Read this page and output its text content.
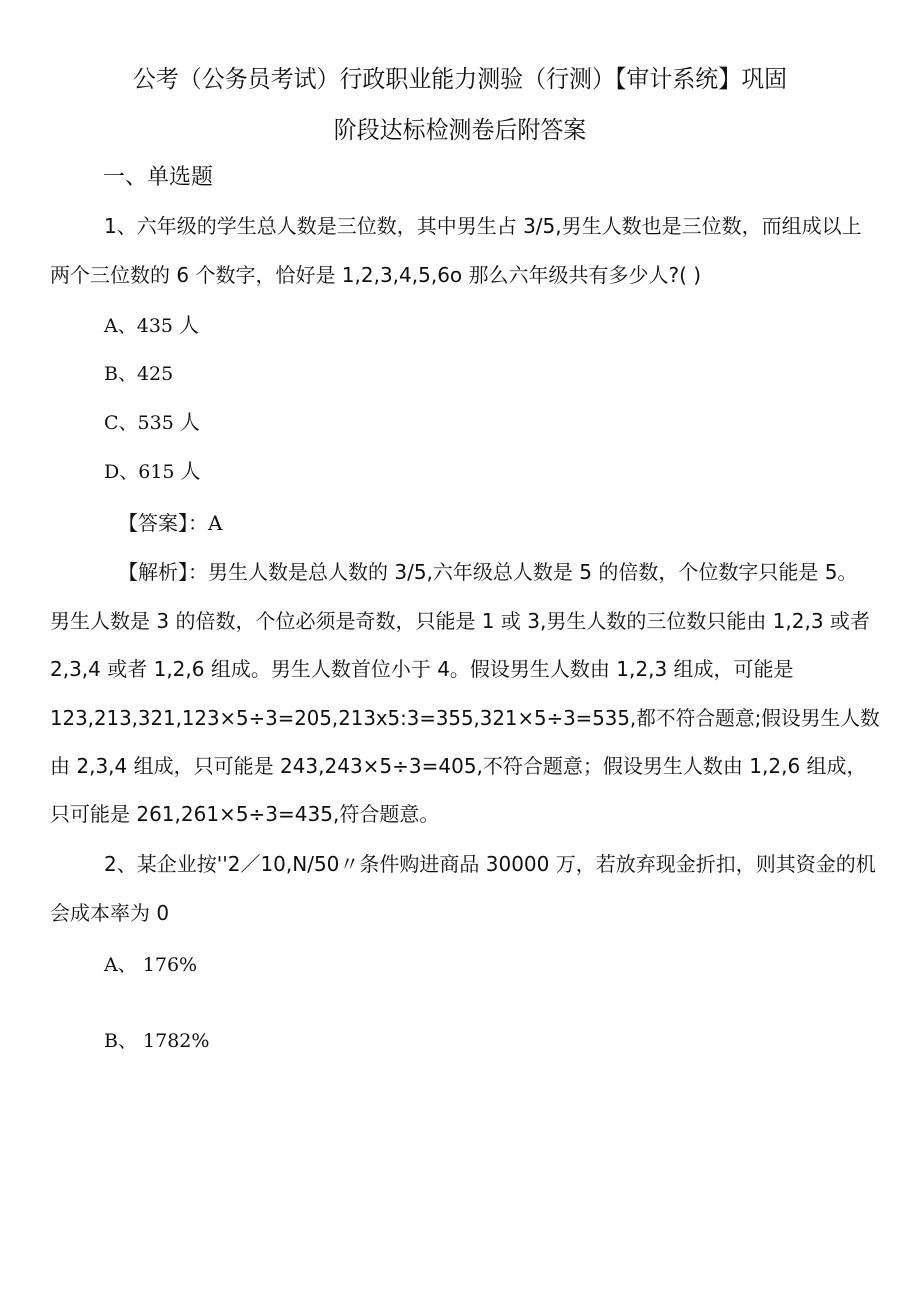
公考（公务员考试）行政职业能力测验（行测）【审计系统】巩固
阶段达标检测卷后附答案
一、单选题
1、六年级的学生总人数是三位数，其中男生占 3/5,男生人数也是三位数，而组成以上
两个三位数的 6 个数字，恰好是 1,2,3,4,5,6o 那么六年级共有多少人?( )
A、435 人
B、425
C、535 人
D、615 人
【答案】：A
【解析】：男生人数是总人数的 3/5,六年级总人数是 5 的倍数，个位数字只能是 5。
男生人数是 3 的倍数，个位必须是奇数，只能是 1 或 3,男生人数的三位数只能由 1,2,3 或者
2,3,4 或者 1,2,6 组成。男生人数首位小于 4。假设男生人数由 1,2,3 组成，可能是
123,213,321,123×5÷3=205,213x5:3=355,321×5÷3=535,都不符合题意;假设男生人数
由 2,3,4 组成，只可能是 243,243×5÷3=405,不符合题意；假设男生人数由 1,2,6 组成，
只可能是 261,261×5÷3=435,符合题意。
2、某企业按''2／10,N/50〃条件购进商品 30000 万，若放弃现金折扣，则其资金的机
会成本率为 0
A、 176%
B、 1782%
